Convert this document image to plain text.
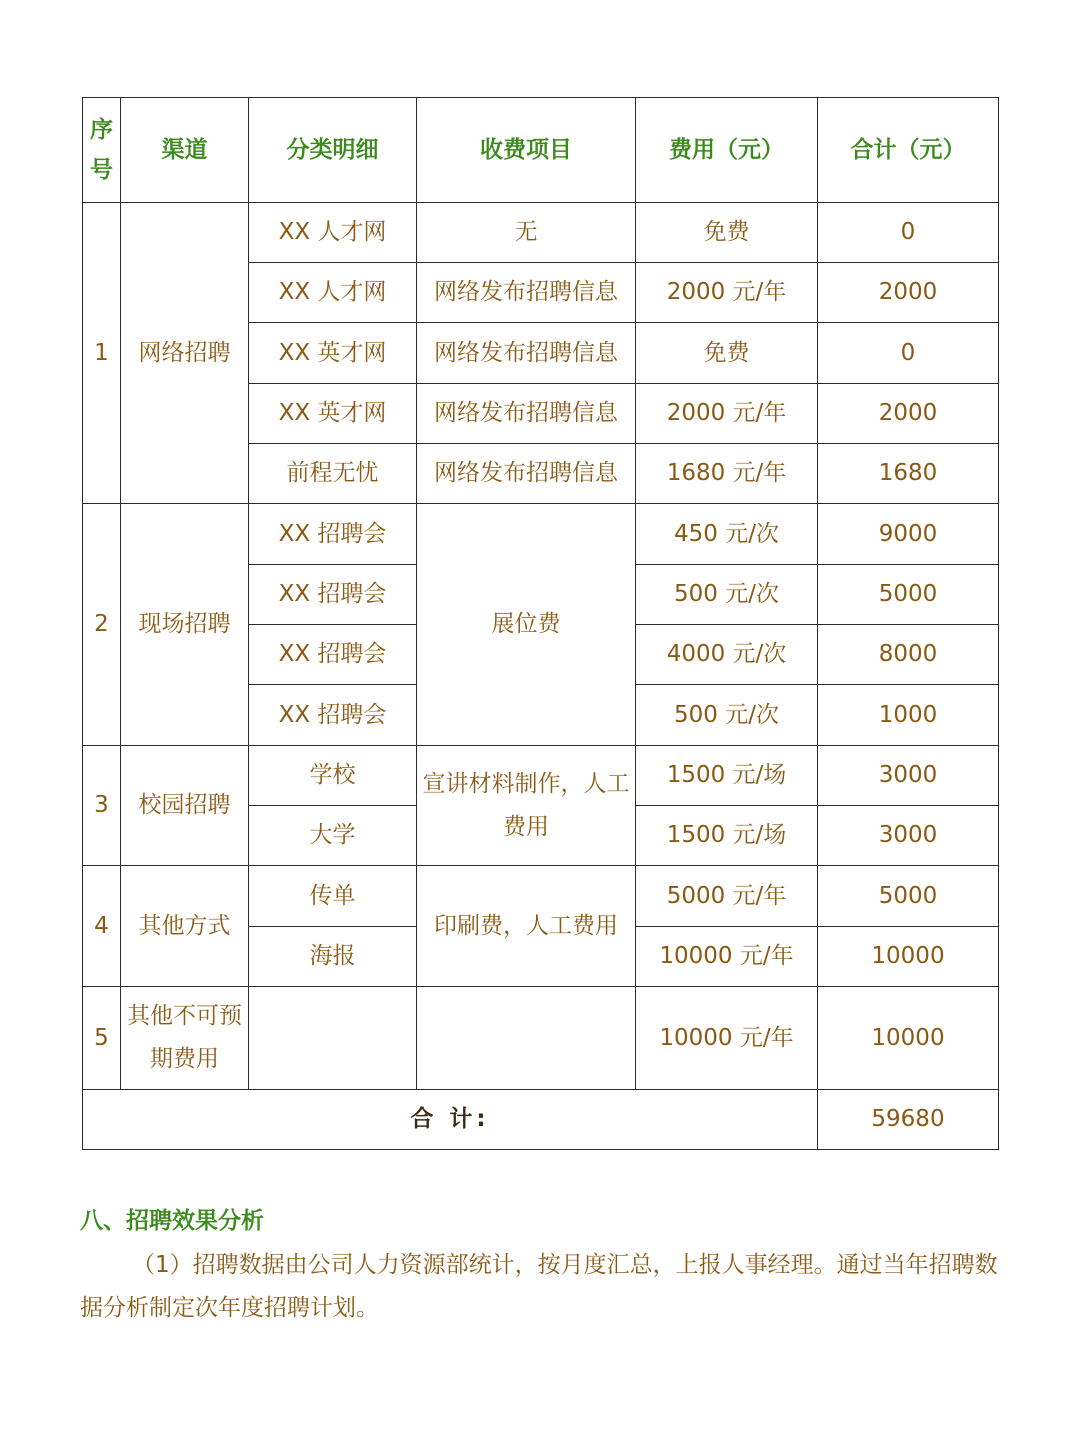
序号	渠道	分类明细	收费项目	费用（元）	合计（元）
1	网络招聘	XX 人才网	无	免费	0
		XX 人才网	网络发布招聘信息	2000 元/年	2000
		XX 英才网	网络发布招聘信息	免费	0
		XX 英才网	网络发布招聘信息	2000 元/年	2000
		前程无忧	网络发布招聘信息	1680 元/年	1680
2	现场招聘	XX 招聘会	展位费	450 元/次	9000
		XX 招聘会		500 元/次	5000
		XX 招聘会		4000 元/次	8000
		XX 招聘会		500 元/次	1000
3	校园招聘	学校	宣讲材料制作，人工费用	1500 元/场	3000
		大学		1500 元/场	3000
4	其他方式	传单	印刷费，人工费用	5000 元/年	5000
		海报		10000 元/年	10000
5	其他不可预期费用			10000 元/年	10000
合 计:					59680
八、招聘效果分析

（1）招聘数据由公司人力资源部统计，按月度汇总，上报人事经理。通过当年招聘数据分析制定次年度招聘计划。
